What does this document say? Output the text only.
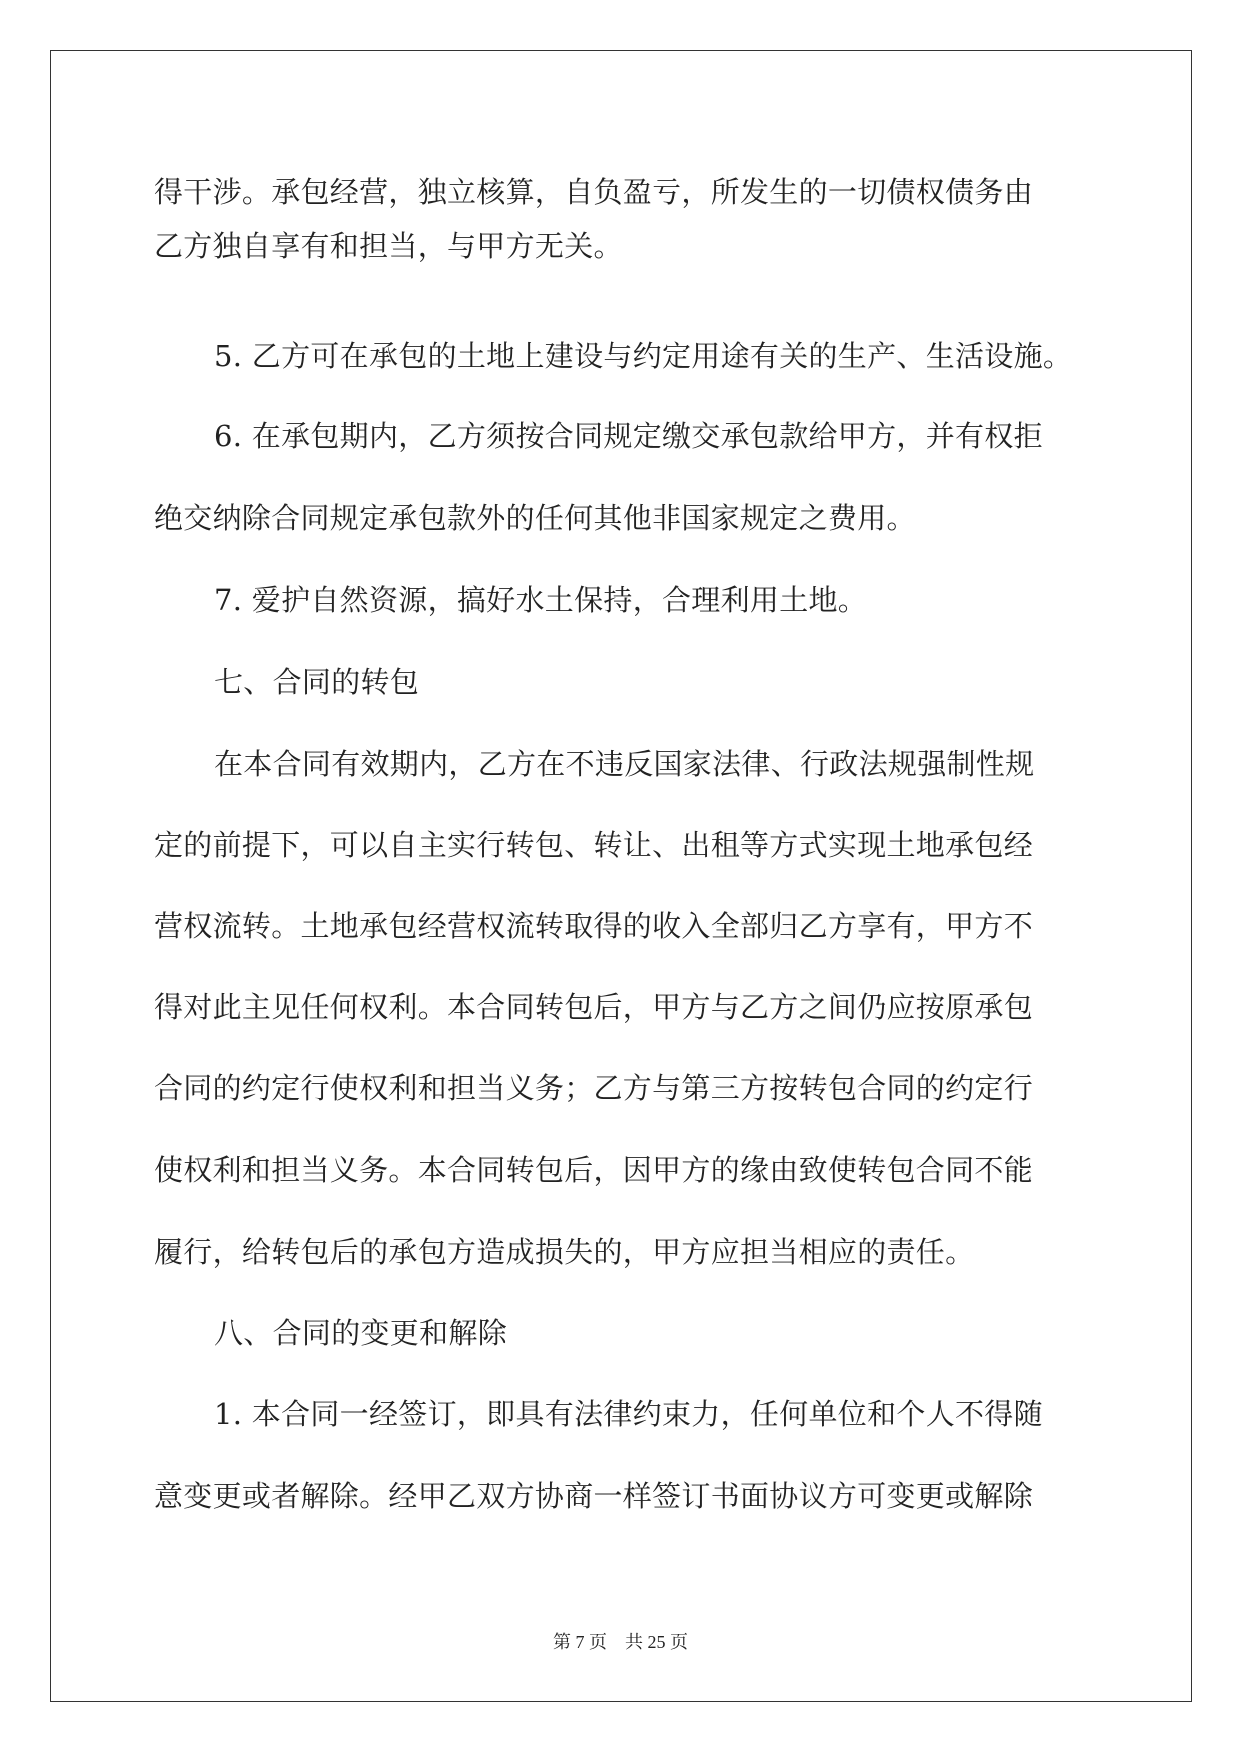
得干涉。承包经营，独立核算，自负盈亏，所发生的一切债权债务由
乙方独自享有和担当，与甲方无关。
5. 乙方可在承包的土地上建设与约定用途有关的生产、生活设施。
6. 在承包期内，乙方须按合同规定缴交承包款给甲方，并有权拒
绝交纳除合同规定承包款外的任何其他非国家规定之费用。
7. 爱护自然资源，搞好水土保持，合理利用土地。
七、合同的转包
在本合同有效期内，乙方在不违反国家法律、行政法规强制性规
定的前提下，可以自主实行转包、转让、出租等方式实现土地承包经
营权流转。土地承包经营权流转取得的收入全部归乙方享有，甲方不
得对此主见任何权利。本合同转包后，甲方与乙方之间仍应按原承包
合同的约定行使权利和担当义务；乙方与第三方按转包合同的约定行
使权利和担当义务。本合同转包后，因甲方的缘由致使转包合同不能
履行，给转包后的承包方造成损失的，甲方应担当相应的责任。
八、合同的变更和解除
1. 本合同一经签订，即具有法律约束力，任何单位和个人不得随
意变更或者解除。经甲乙双方协商一样签订书面协议方可变更或解除
第 7 页　共 25 页
